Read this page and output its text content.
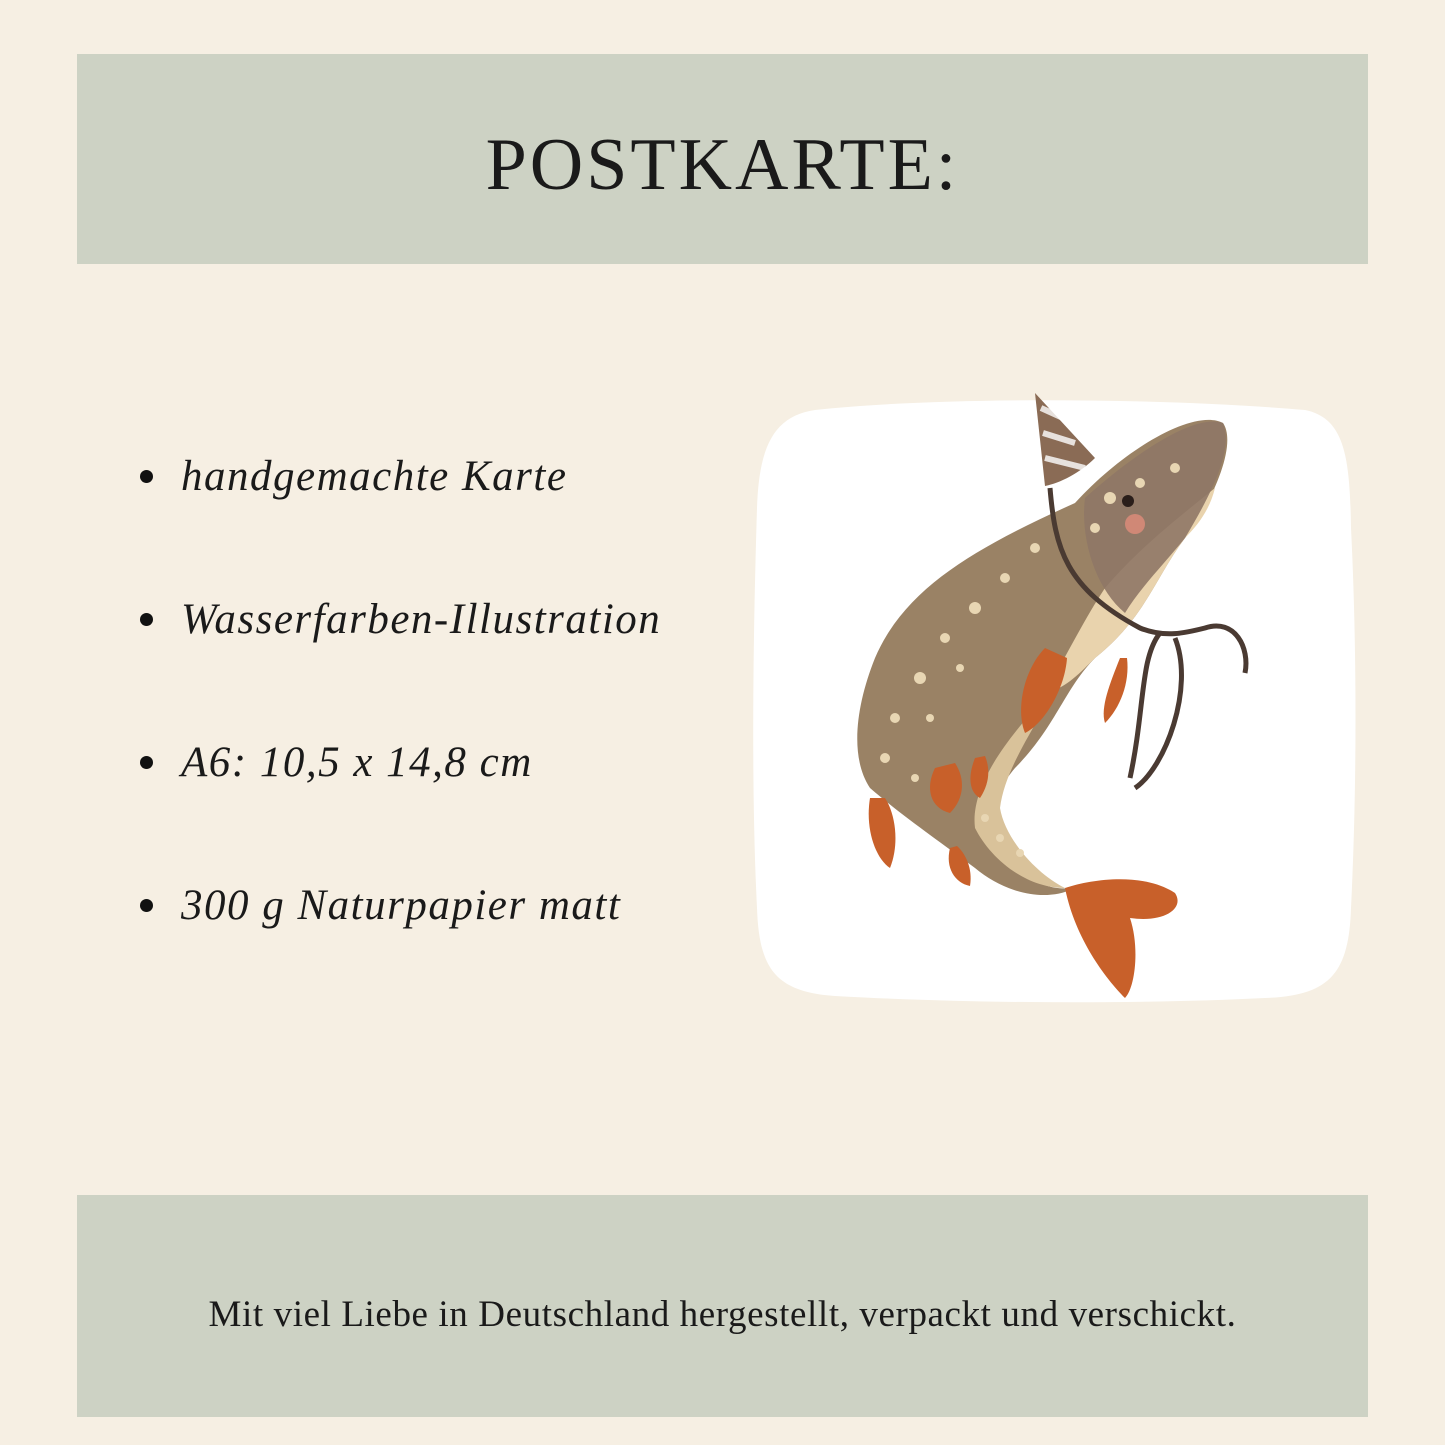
POSTKARTE:
handgemachte Karte
Wasserfarben-Illustration
A6: 10,5 x 14,8 cm
300 g Naturpapier matt

Mit viel Liebe in Deutschland hergestellt, verpackt und verschickt.
